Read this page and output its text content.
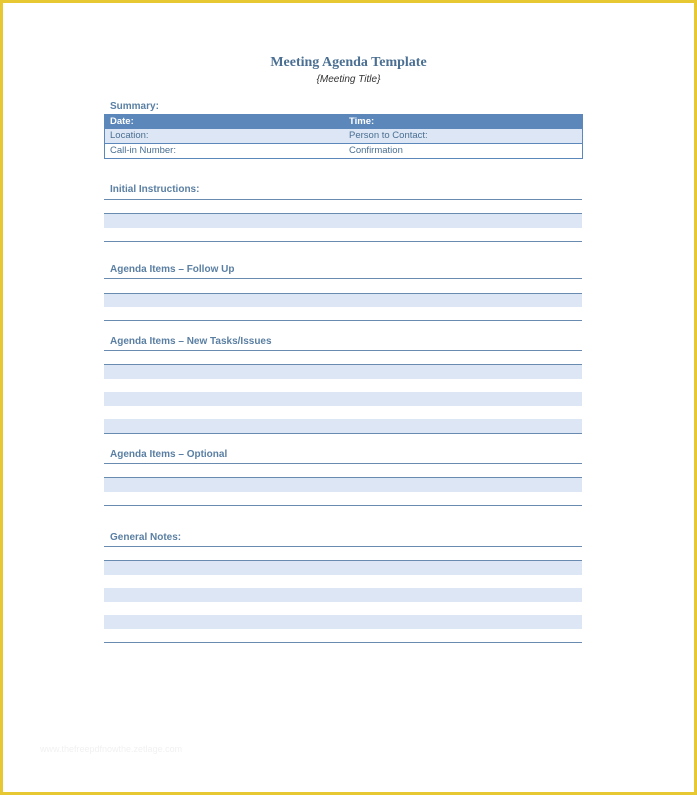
Meeting Agenda Template
{Meeting Title}
Summary:
Date:	Time:
Location:	Person to Contact:
Call-in Number:	Confirmation
Initial Instructions:
Agenda Items – Follow Up
Agenda Items – New Tasks/Issues
Agenda Items – Optional
General Notes:
www.thefreepdfnowthe.zetlage.com
